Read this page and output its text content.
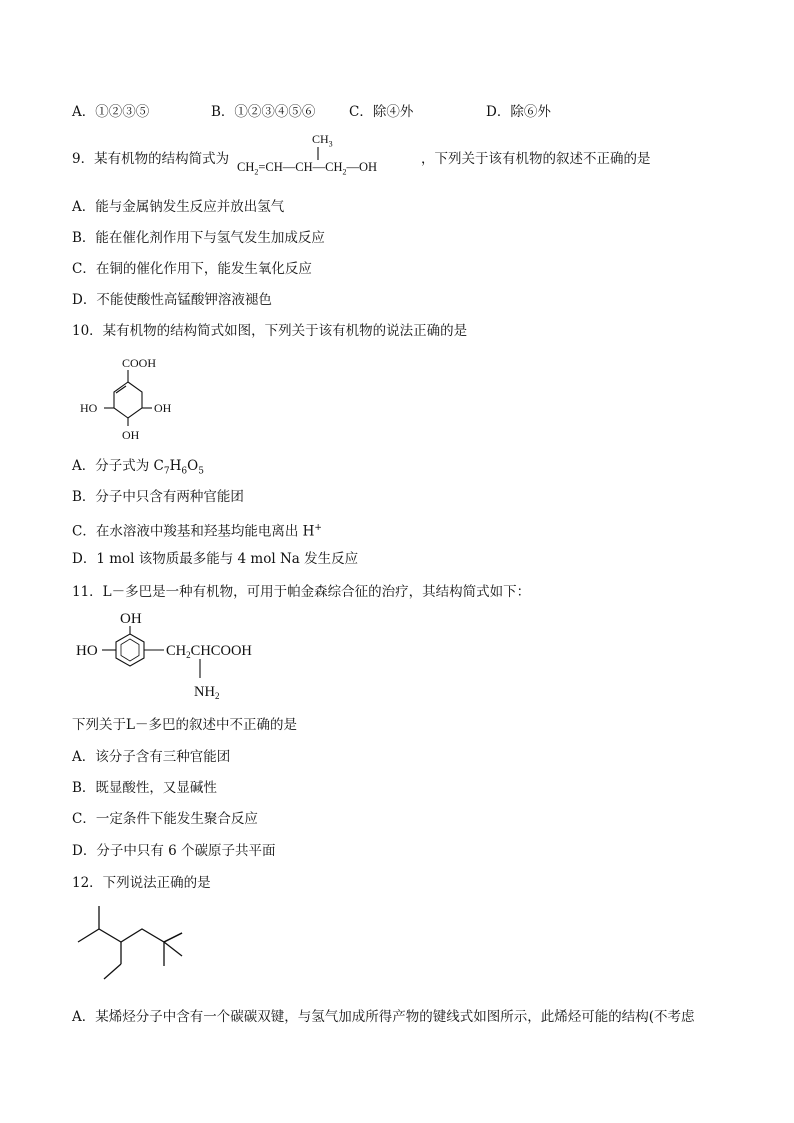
A．①②③⑤	B．①②③④⑤⑥ C．除④外	D．除⑥外
9．某有机物的结构简式为
$CH_3$
$CH_2=CH—CH—CH_2—OH$	，下列关于该有机物的叙述不正确的是
A．能与金属钠发生反应并放出氢气
B．能在催化剂作用下与氢气发生加成反应
C．在铜的催化作用下，能发生氧化反应
D．不能使酸性高锰酸钾溶液褪色
10．某有机物的结构简式如图，下列关于该有机物的说法正确的是
COOH
HO	OH
OH
A．分子式为 $C_7H_6O_5$
B．分子中只含有两种官能团
C．在水溶液中羧基和羟基均能电离出 H+
D．1 mol 该物质最多能与 4 mol Na 发生反应
11．L－多巴是一种有机物，可用于帕金森综合征的治疗，其结构简式如下：
OH
HO	$CH_2CHCOOH$
$NH_2$
下列关于L－多巴的叙述中不正确的是
A．该分子含有三种官能团
B．既显酸性，又显碱性
C．一定条件下能发生聚合反应
D．分子中只有 6 个碳原子共平面
12．下列说法正确的是
A．某烯烃分子中含有一个碳碳双键，与氢气加成所得产物的键线式如图所示，此烯烃可能的结构(不考虑
